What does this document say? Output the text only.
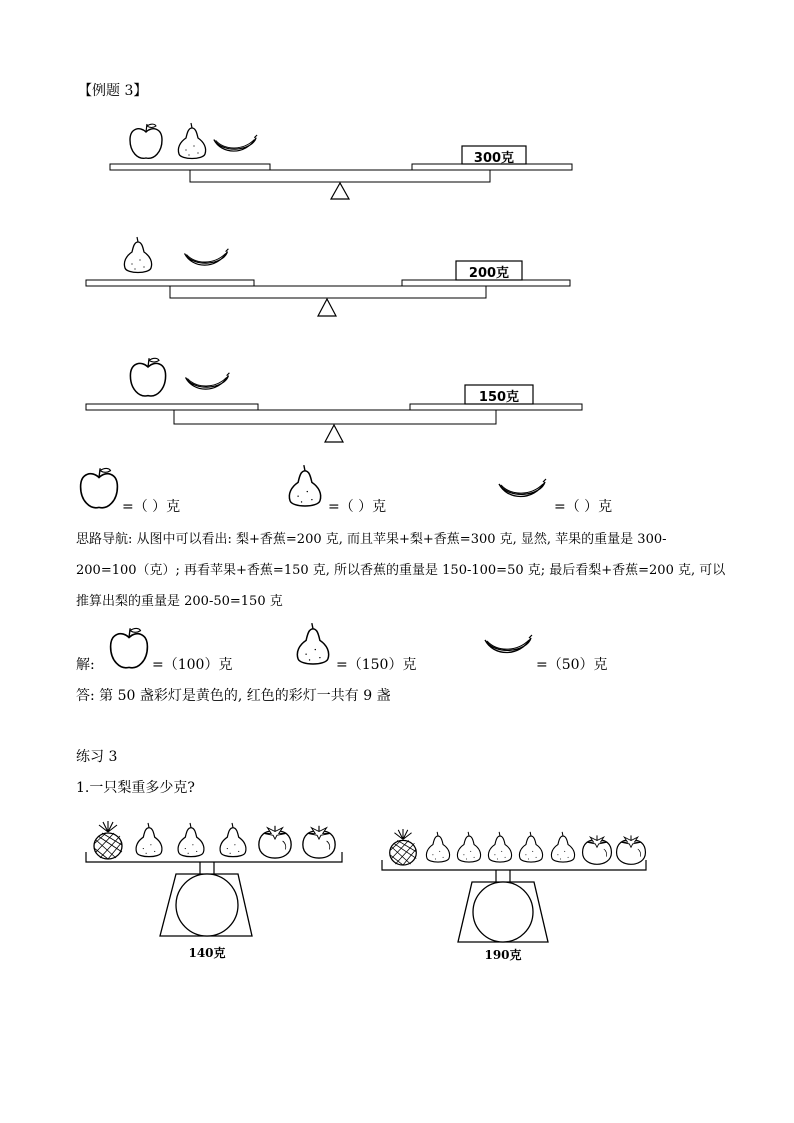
【例题 3】
300克
200克
150克
=（ ）克	=（ ）克	=（ ）克
思路导航: 从图中可以看出: 梨+香蕉=200 克, 而且苹果+梨+香蕉=300 克, 显然, 苹果的重量是 300-200=100（克）; 再看苹果+香蕉=150 克, 所以香蕉的重量是 150-100=50 克; 最后看梨+香蕉=200 克, 可以推算出梨的重量是 200-50=150 克
解:	=（100）克	=（150）克	=（50）克
答: 第 50 盏彩灯是黄色的, 红色的彩灯一共有 9 盏
练习 3
1.一只梨重多少克?
140克	190克
